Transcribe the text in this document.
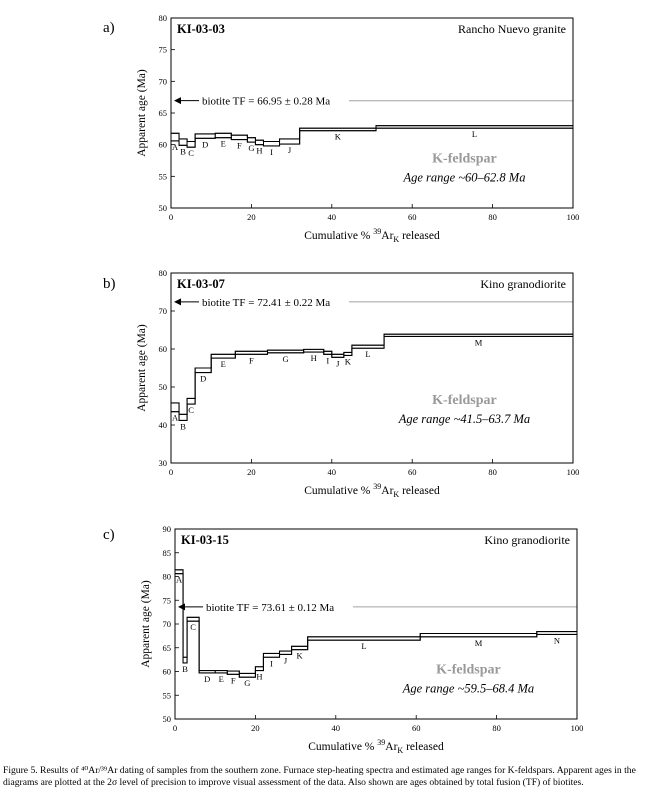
a)
A B C
D E F G H I J
K	L
50
55
60
65
70
75
80
0	20	40	60	80	100
Apparent age (Ma)
Cumulative % $^{39}Ar_K$ released
KI-03-03	Rancho Nuevo granite
biotite TF = 66.95 ± 0.28 Ma
K-feldspar
Age range ~60–62.8 Ma
b)
A
B
C
D
E	F	G	H I J K
L
M
30
40
50
60
70
80
0	20	40	60	80	100
Apparent age (Ma)
Cumulative % $^{39}Ar_K$ released
KI-03-07	Kino granodiorite
biotite TF = 72.41 ± 0.22 Ma
K-feldspar
Age range ~41.5–63.7 Ma
c)
A
B
C
D E F G
H
I J K
L	M	N
50
55
60
65
70
75
80
85
90
0	20	40	60	80	100
Apparent age (Ma)
Cumulative % $^{39}Ar_K$ released
KI-03-15	Kino granodiorite
biotite TF = 73.61 ± 0.12 Ma
K-feldspar
Age range ~59.5–68.4 Ma
Figure 5. Results of ⁴⁰Ar/³⁹Ar dating of samples from the southern zone. Furnace step-heating spectra and estimated age ranges for K-feldspars. Apparent ages in the diagrams are plotted at the 2σ level of precision to improve visual assessment of the data. Also shown are ages obtained by total fusion (TF) of biotites.
